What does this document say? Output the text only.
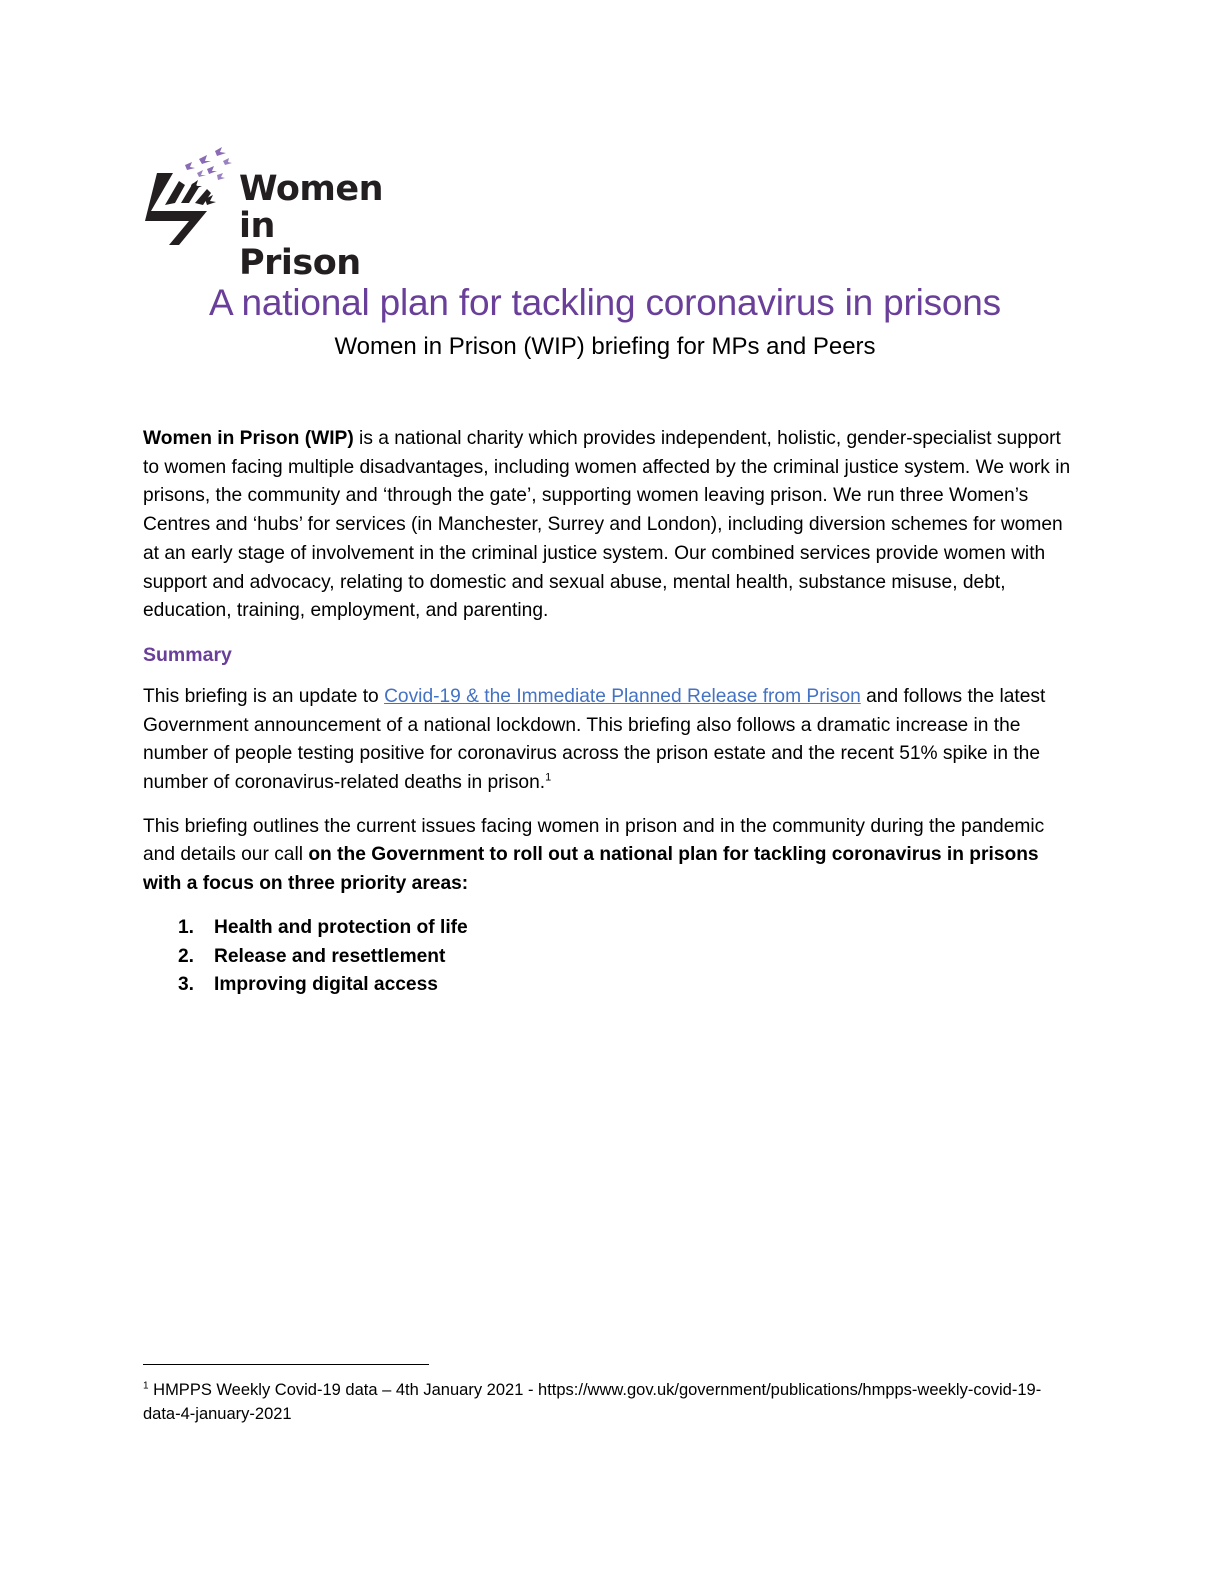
Women
in Prison
A national plan for tackling coronavirus in prisons
Women in Prison (WIP) briefing for MPs and Peers

Women in Prison (WIP) is a national charity which provides independent, holistic, gender-specialist support to women facing multiple disadvantages, including women affected by the criminal justice system. We work in prisons, the community and ‘through the gate’, supporting women leaving prison. We run three Women’s Centres and ‘hubs’ for services (in Manchester, Surrey and London), including diversion schemes for women at an early stage of involvement in the criminal justice system. Our combined services provide women with support and advocacy, relating to domestic and sexual abuse, mental health, substance misuse, debt, education, training, employment, and parenting.

Summary

This briefing is an update to Covid-19 & the Immediate Planned Release from Prison and follows the latest Government announcement of a national lockdown. This briefing also follows a dramatic increase in the number of people testing positive for coronavirus across the prison estate and the recent 51% spike in the number of coronavirus-related deaths in prison.$^1$

This briefing outlines the current issues facing women in prison and in the community during the pandemic and details our call on the Government to roll out a national plan for tackling coronavirus in prisons with a focus on three priority areas:

1.	Health and protection of life
2.	Release and resettlement
3.	Improving digital access
$^1$ HMPPS Weekly Covid-19 data – 4th January 2021 - https://www.gov.uk/government/publications/hmpps-weekly-covid-19-data-4-january-2021
